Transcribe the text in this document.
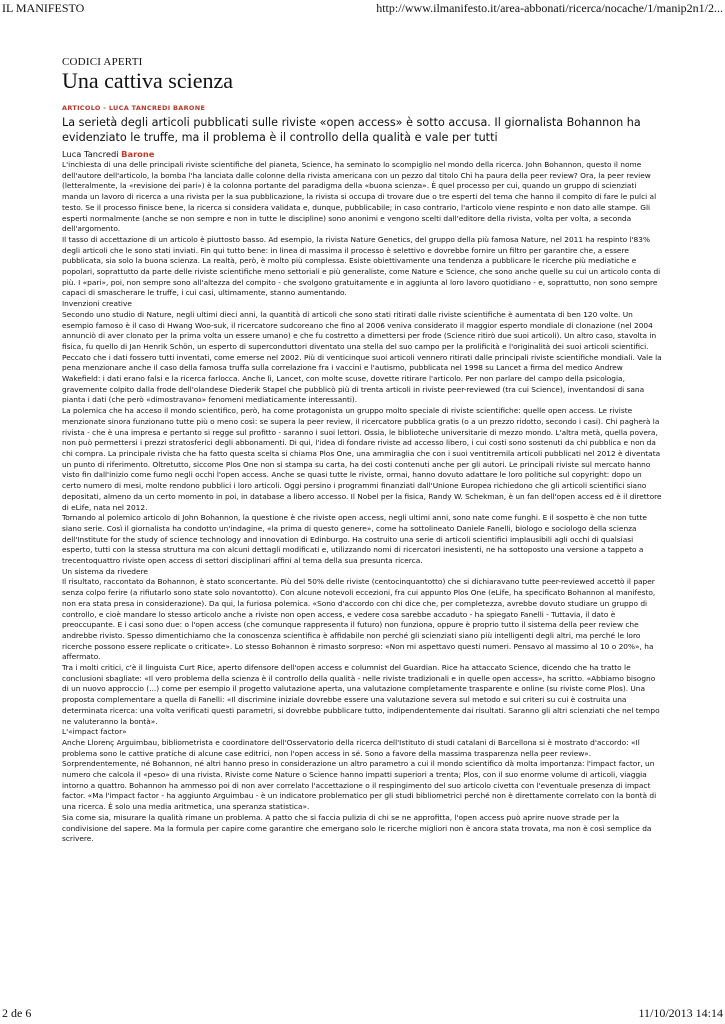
IL MANIFESTO	http://www.ilmanifesto.it/area-abbonati/ricerca/nocache/1/manip2n1/2...
CODICI APERTI
Una cattiva scienza
ARTICOLO - LUCA TANCREDI BARONE
La serietà degli articoli pubblicati sulle riviste «open access» è sotto accusa. Il giornalista Bohannon ha evidenziato le truffe, ma il problema è il controllo della qualità e vale per tutti
Luca Tancredi Barone

L'inchiesta di una delle principali riviste scientifiche del pianeta, Science, ha seminato lo scompiglio nel mondo della ricerca. John Bohannon, questo il nome dell'autore dell'articolo, la bomba l'ha lanciata dalle colonne della rivista americana con un pezzo dal titolo Chi ha paura della peer review? Ora, la peer review (letteralmente, la «revisione dei pari») è la colonna portante del paradigma della «buona scienza». È quel processo per cui, quando un gruppo di scienziati manda un lavoro di ricerca a una rivista per la sua pubblicazione, la rivista si occupa di trovare due o tre esperti del tema che hanno il compito di fare le pulci al testo. Se il processo finisce bene, la ricerca si considera validata e, dunque, pubblicabile; in caso contrario, l'articolo viene respinto e non dato alle stampe. Gli esperti normalmente (anche se non sempre e non in tutte le discipline) sono anonimi e vengono scelti dall'editore della rivista, volta per volta, a seconda dell'argomento.

Il tasso di accettazione di un articolo è piuttosto basso. Ad esempio, la rivista Nature Genetics, del gruppo della più famosa Nature, nel 2011 ha respinto l'83% degli articoli che le sono stati inviati. Fin qui tutto bene: in linea di massima il processo è selettivo e dovrebbe fornire un filtro per garantire che, a essere pubblicata, sia solo la buona scienza. La realtà, però, è molto più complessa. Esiste obiettivamente una tendenza a pubblicare le ricerche più mediatiche e popolari, soprattutto da parte delle riviste scientifiche meno settoriali e più generaliste, come Nature e Science, che sono anche quelle su cui un articolo conta di più. I «pari», poi, non sempre sono all'altezza del compito - che svolgono gratuitamente e in aggiunta al loro lavoro quotidiano - e, soprattutto, non sono sempre capaci di smascherare le truffe, i cui casi, ultimamente, stanno aumentando.

Invenzioni creative

Secondo uno studio di Nature, negli ultimi dieci anni, la quantità di articoli che sono stati ritirati dalle riviste scientifiche è aumentata di ben 120 volte. Un esempio famoso è il caso di Hwang Woo-suk, il ricercatore sudcoreano che fino al 2006 veniva considerato il maggior esperto mondiale di clonazione (nel 2004 annunciò di aver clonato per la prima volta un essere umano) e che fu costretto a dimettersi per frode (Science ritirò due suoi articoli). Un altro caso, stavolta in fisica, fu quello di Jan Henrik Schön, un esperto di superconduttori diventato una stella del suo campo per la prolificità e l'originalità dei suoi articoli scientifici. Peccato che i dati fossero tutti inventati, come emerse nel 2002. Più di venticinque suoi articoli vennero ritirati dalle principali riviste scientifiche mondiali. Vale la pena menzionare anche il caso della famosa truffa sulla correlazione fra i vaccini e l'autismo, pubblicata nel 1998 su Lancet a firma del medico Andrew Wakefield: i dati erano falsi e la ricerca farlocca. Anche lì, Lancet, con molte scuse, dovette ritirare l'articolo. Per non parlare del campo della psicologia, gravemente colpito dalla frode dell'olandese Diederik Stapel che pubblicò più di trenta articoli in riviste peer-reviewed (tra cui Science), inventandosi di sana pianta i dati (che però «dimostravano» fenomeni mediaticamente interessanti).

La polemica che ha acceso il mondo scientifico, però, ha come protagonista un gruppo molto speciale di riviste scientifiche: quelle open access. Le riviste menzionate sinora funzionano tutte più o meno così: se supera la peer review, il ricercatore pubblica gratis (o a un prezzo ridotto, secondo i casi). Chi pagherà la rivista - che è una impresa e pertanto si regge sul profitto - saranno i suoi lettori. Ossia, le biblioteche universitarie di mezzo mondo. L'altra metà, quella povera, non può permettersi i prezzi stratosferici degli abbonamenti. Di qui, l'idea di fondare riviste ad accesso libero, i cui costi sono sostenuti da chi pubblica e non da chi compra. La principale rivista che ha fatto questa scelta si chiama Plos One, una ammiraglia che con i suoi ventitremila articoli pubblicati nel 2012 è diventata un punto di riferimento. Oltretutto, siccome Plos One non si stampa su carta, ha dei costi contenuti anche per gli autori. Le principali riviste sul mercato hanno visto fin dall'inizio come fumo negli occhi l'open access. Anche se quasi tutte le riviste, ormai, hanno dovuto adattare le loro politiche sul copyright: dopo un certo numero di mesi, molte rendono pubblici i loro articoli. Oggi persino i programmi finanziati dall'Unione Europea richiedono che gli articoli scientifici siano depositati, almeno da un certo momento in poi, in database a libero accesso. Il Nobel per la fisica, Randy W. Schekman, è un fan dell'open access ed è il direttore di eLife, nata nel 2012.

Tornando al polemico articolo di John Bohannon, la questione è che riviste open access, negli ultimi anni, sono nate come funghi. E il sospetto è che non tutte siano serie. Così il giornalista ha condotto un'indagine, «la prima di questo genere», come ha sottolineato Daniele Fanelli, biologo e sociologo della scienza dell'Institute for the study of science technology and innovation di Edinburgo. Ha costruito una serie di articoli scientifici implausibili agli occhi di qualsiasi esperto, tutti con la stessa struttura ma con alcuni dettagli modificati e, utilizzando nomi di ricercatori inesistenti, ne ha sottoposto una versione a tappeto a trecentoquattro riviste open access di settori disciplinari affini al tema della sua presunta ricerca.

Un sistema da rivedere

Il risultato, raccontato da Bohannon, è stato sconcertante. Più del 50% delle riviste (centocinquantotto) che si dichiaravano tutte peer-reviewed accettò il paper senza colpo ferire (a rifiutarlo sono state solo novantotto). Con alcune notevoli eccezioni, fra cui appunto Plos One (eLife, ha specificato Bohannon al manifesto, non era stata presa in considerazione). Da qui, la furiosa polemica. «Sono d'accordo con chi dice che, per completezza, avrebbe dovuto studiare un gruppo di controllo, e cioè mandare lo stesso articolo anche a riviste non open access, e vedere cosa sarebbe accaduto - ha spiegato Fanelli - Tuttavia, il dato è preoccupante. E i casi sono due: o l'open access (che comunque rappresenta il futuro) non funziona, oppure è proprio tutto il sistema della peer review che andrebbe rivisto. Spesso dimentichiamo che la conoscenza scientifica è affidabile non perché gli scienziati siano più intelligenti degli altri, ma perché le loro ricerche possono essere replicate o criticate». Lo stesso Bohannon è rimasto sorpreso: «Non mi aspettavo questi numeri. Pensavo al massimo al 10 o 20%», ha affermato.

Tra i molti critici, c'è il linguista Curt Rice, aperto difensore dell'open access e columnist del Guardian. Rice ha attaccato Science, dicendo che ha tratto le conclusioni sbagliate: «Il vero problema della scienza è il controllo della qualità - nelle riviste tradizionali e in quelle open access», ha scritto. «Abbiamo bisogno di un nuovo approccio (...) come per esempio il progetto valutazione aperta, una valutazione completamente trasparente e online (su riviste come Plos). Una proposta complementare a quella di Fanelli: «Il discrimine iniziale dovrebbe essere una valutazione severa sul metodo e sui criteri su cui è costruita una determinata ricerca: una volta verificati questi parametri, si dovrebbe pubblicare tutto, indipendentemente dai risultati. Saranno gli altri scienziati che nel tempo ne valuteranno la bontà».

L'«impact factor»

Anche Llorenç Arguimbau, bibliometrista e coordinatore dell'Osservatorio della ricerca dell'Istituto di studi catalani di Barcellona si è mostrato d'accordo: «Il problema sono le cattive pratiche di alcune case editrici, non l'open access in sé. Sono a favore della massima trasparenza nella peer review».

Sorprendentemente, né Bohannon, né altri hanno preso in considerazione un altro parametro a cui il mondo scientifico dà molta importanza: l'impact factor, un numero che calcola il «peso» di una rivista. Riviste come Nature o Science hanno impatti superiori a trenta; Plos, con il suo enorme volume di articoli, viaggia intorno a quattro. Bohannon ha ammesso poi di non aver correlato l'accettazione o il respingimento del suo articolo civetta con l'eventuale presenza di impact factor. «Ma l'impact factor - ha aggiunto Arguimbau - è un indicatore problematico per gli studi bibliometrici perché non è direttamente correlato con la bontà di una ricerca. È solo una media aritmetica, una speranza statistica».

Sia come sia, misurare la qualità rimane un problema. A patto che si faccia pulizia di chi se ne approfitta, l'open access può aprire nuove strade per la condivisione del sapere. Ma la formula per capire come garantire che emergano solo le ricerche migliori non è ancora stata trovata, ma non è così semplice da scrivere.

2 de 6	11/10/2013 14:14
